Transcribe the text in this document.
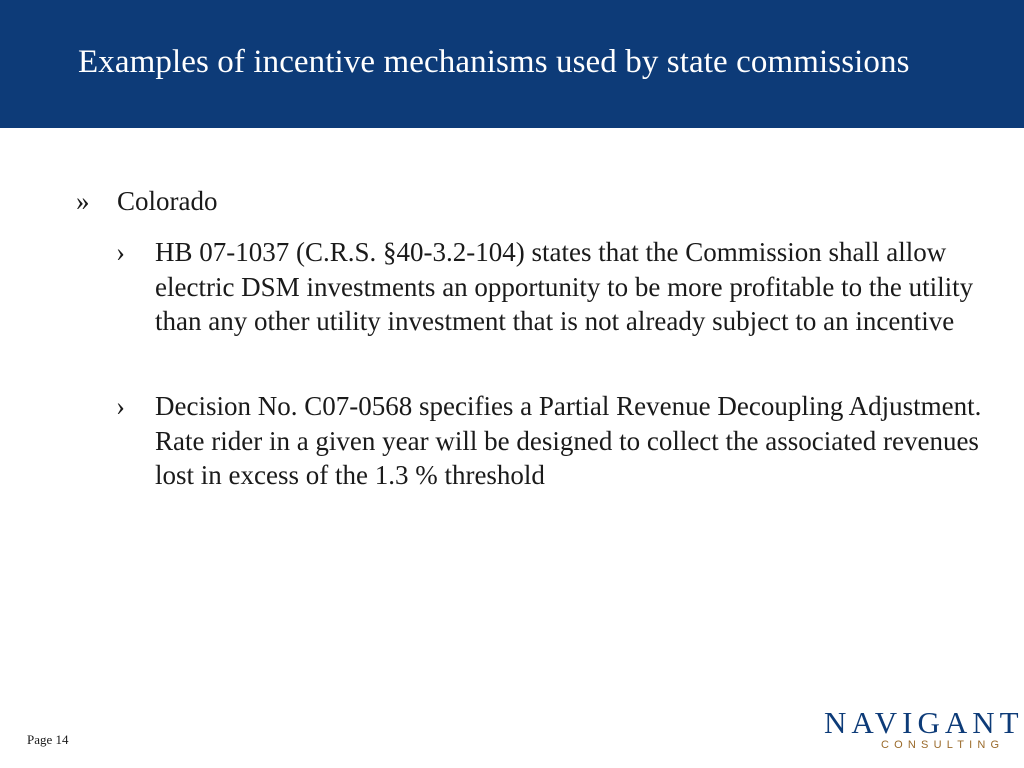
Examples of incentive mechanisms used by state commissions
» Colorado
› HB 07-1037 (C.R.S. §40-3.2-104) states that the Commission shall allow electric DSM investments an opportunity to be more profitable to the utility than any other utility investment that is not already subject to an incentive
› Decision No. C07-0568 specifies a Partial Revenue Decoupling Adjustment. Rate rider in a given year will be designed to collect the associated revenues lost in excess of the 1.3 % threshold
Page 14	NAVIGANT
CONSULTING
